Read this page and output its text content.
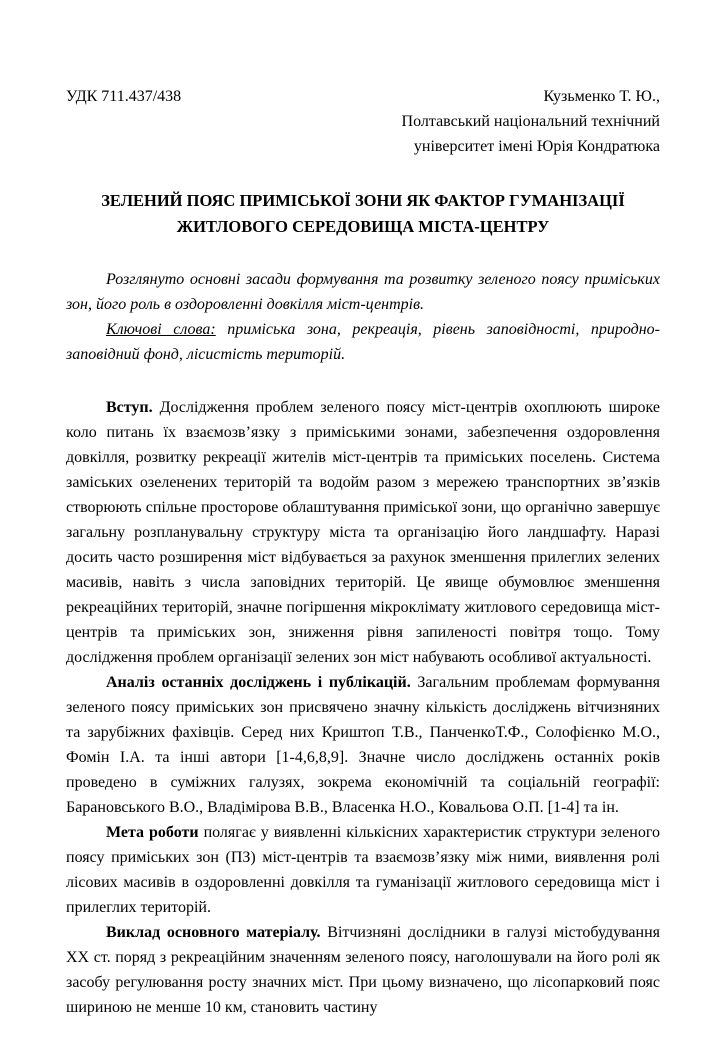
УДК 711.437/438	Кузьменко Т. Ю.,
Полтавський національний технічний
університет імені Юрія Кондратюка
ЗЕЛЕНИЙ ПОЯС ПРИМІСЬКОЇ ЗОНИ ЯК ФАКТОР ГУМАНІЗАЦІЇ
ЖИТЛОВОГО СЕРЕДОВИЩА МІСТА-ЦЕНТРУ

Розглянуто основні засади формування та розвитку зеленого поясу приміських зон, його роль в оздоровленні довкілля міст-центрів.

Ключові слова: приміська зона, рекреація, рівень заповідності, природно-заповідний фонд, лісистість територій.

Вступ. Дослідження проблем зеленого поясу міст-центрів охоплюють широке коло питань їх взаємозв’язку з приміськими зонами, забезпечення оздоровлення довкілля, розвитку рекреації жителів міст-центрів та приміських поселень. Система заміських озеленених територій та водойм разом з мережею транспортних зв’язків створюють спільне просторове облаштування приміської зони, що органічно завершує загальну розпланувальну структуру міста та організацію його ландшафту. Наразі досить часто розширення міст відбувається за рахунок зменшення прилеглих зелених масивів, навіть з числа заповідних територій. Це явище обумовлює зменшення рекреаційних територій, значне погіршення мікроклімату житлового середовища міст-центрів та приміських зон, зниження рівня запиленості повітря тощо. Тому дослідження проблем організації зелених зон міст набувають особливої актуальності.

Аналіз останніх досліджень і публікацій. Загальним проблемам формування зеленого поясу приміських зон присвячено значну кількість досліджень вітчизняних та зарубіжних фахівців. Серед них Криштоп Т.В., ПанченкоТ.Ф., Солофієнко М.О., Фомін І.А. та інші автори [1-4,6,8,9]. Значне число досліджень останніх років проведено в суміжних галузях, зокрема економічній та соціальній географії: Барановського В.О., Владімірова В.В., Власенка Н.О., Ковальова О.П. [1-4] та ін.

Мета роботи полягає у виявленні кількісних характеристик структури зеленого поясу приміських зон (ПЗ) міст-центрів та взаємозв’язку між ними, виявлення ролі лісових масивів в оздоровленні довкілля та гуманізації житлового середовища міст і прилеглих територій.

Виклад основного матеріалу. Вітчизняні дослідники в галузі містобудування ХХ ст. поряд з рекреаційним значенням зеленого поясу, наголошували на його ролі як засобу регулювання росту значних міст. При цьому визначено, що лісопарковий пояс шириною не менше 10 км, становить частину
